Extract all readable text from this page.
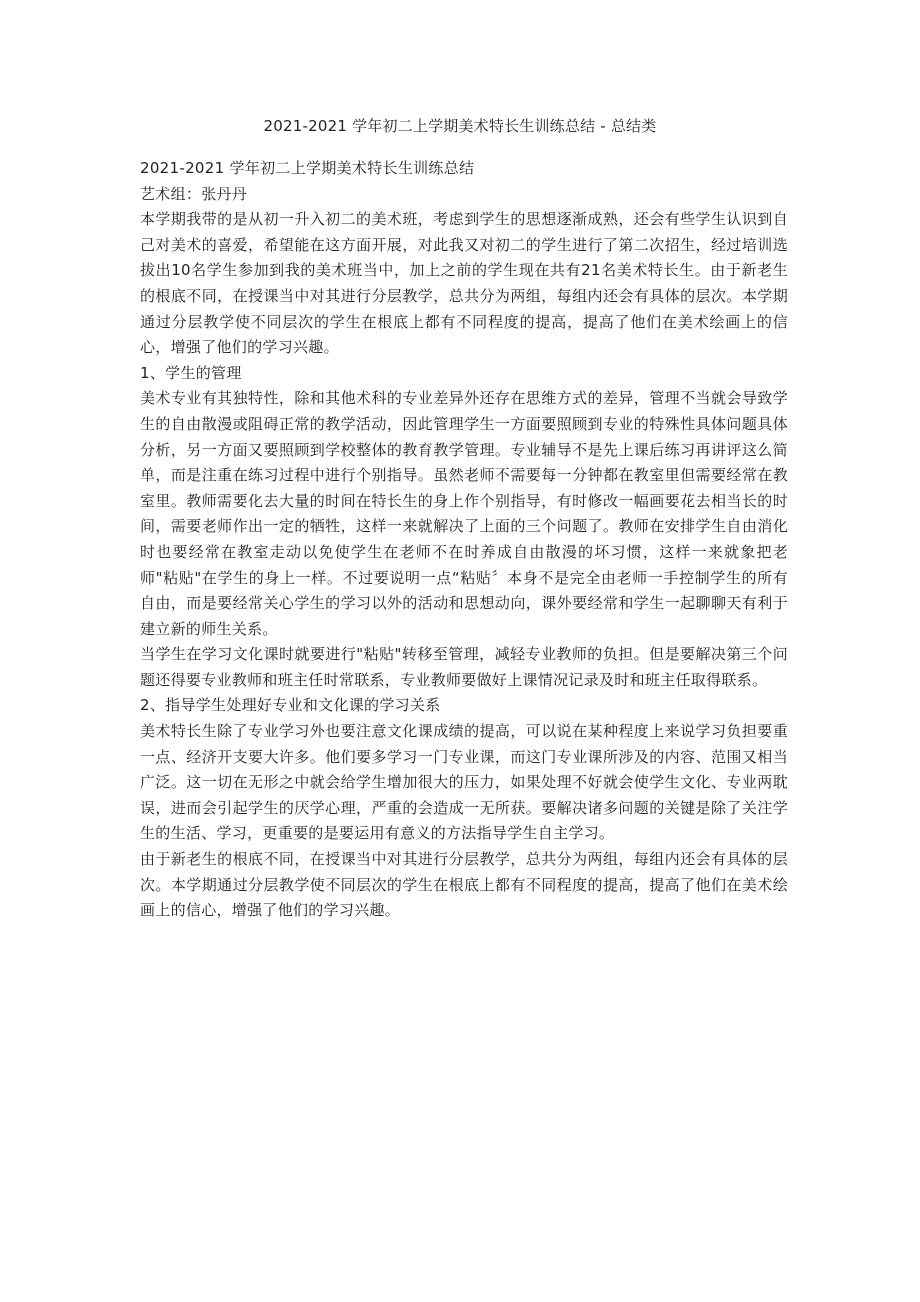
2021-2021 学年初二上学期美术特长生训练总结 - 总结类

2021-2021 学年初二上学期美术特长生训练总结

艺术组：张丹丹

本学期我带的是从初一升入初二的美术班，考虑到学生的思想逐渐成熟，还会有些学生认识到自己对美术的喜爱，希望能在这方面开展，对此我又对初二的学生进行了第二次招生，经过培训选拔出10名学生参加到我的美术班当中，加上之前的学生现在共有21名美术特长生。由于新老生的根底不同，在授课当中对其进行分层教学，总共分为两组，每组内还会有具体的层次。本学期通过分层教学使不同层次的学生在根底上都有不同程度的提高，提高了他们在美术绘画上的信心，增强了他们的学习兴趣。

1、学生的管理

美术专业有其独特性，除和其他术科的专业差异外还存在思维方式的差异，管理不当就会导致学生的自由散漫或阻碍正常的教学活动，因此管理学生一方面要照顾到专业的特殊性具体问题具体分析，另一方面又要照顾到学校整体的教育教学管理。专业辅导不是先上课后练习再讲评这么简单，而是注重在练习过程中进行个别指导。虽然老师不需要每一分钟都在教室里但需要经常在教室里。教师需要化去大量的时间在特长生的身上作个别指导，有时修改一幅画要花去相当长的时间，需要老师作出一定的牺牲，这样一来就解决了上面的三个问题了。教师在安排学生自由消化时也要经常在教室走动以免使学生在老师不在时养成自由散漫的坏习惯，这样一来就象把老师"粘贴"在学生的身上一样。不过要说明一点“粘贴〞本身不是完全由老师一手控制学生的所有自由，而是要经常关心学生的学习以外的活动和思想动向，课外要经常和学生一起聊聊天有利于建立新的师生关系。

当学生在学习文化课时就要进行"粘贴"转移至管理，减轻专业教师的负担。但是要解决第三个问题还得要专业教师和班主任时常联系，专业教师要做好上课情况记录及时和班主任取得联系。

2、指导学生处理好专业和文化课的学习关系

美术特长生除了专业学习外也要注意文化课成绩的提高，可以说在某种程度上来说学习负担要重一点、经济开支要大许多。他们要多学习一门专业课，而这门专业课所涉及的内容、范围又相当广泛。这一切在无形之中就会给学生增加很大的压力，如果处理不好就会使学生文化、专业两耽误，进而会引起学生的厌学心理，严重的会造成一无所获。要解决诸多问题的关键是除了关注学生的生活、学习，更重要的是要运用有意义的方法指导学生自主学习。

由于新老生的根底不同，在授课当中对其进行分层教学，总共分为两组，每组内还会有具体的层次。本学期通过分层教学使不同层次的学生在根底上都有不同程度的提高，提高了他们在美术绘画上的信心，增强了他们的学习兴趣。
